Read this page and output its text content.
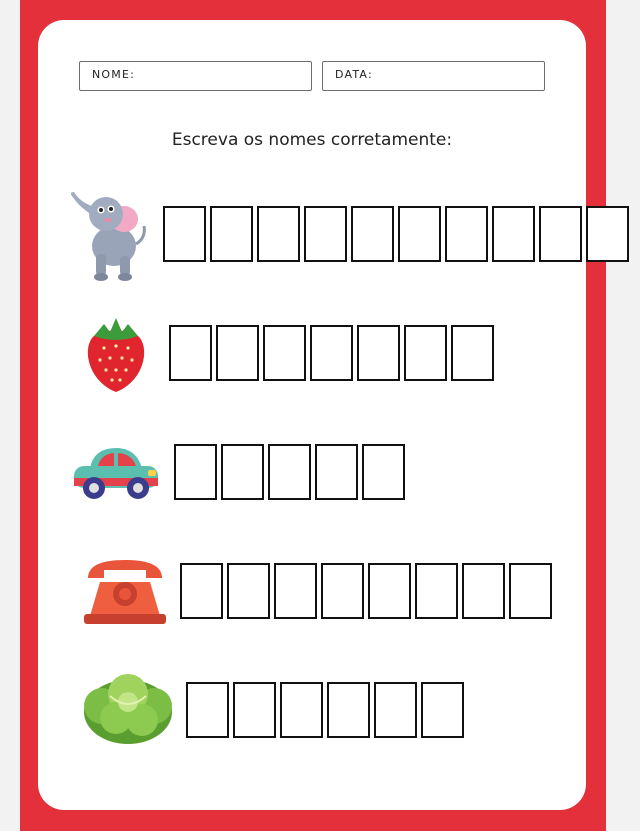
NOME:	DATA:
Escreva os nomes corretamente:
